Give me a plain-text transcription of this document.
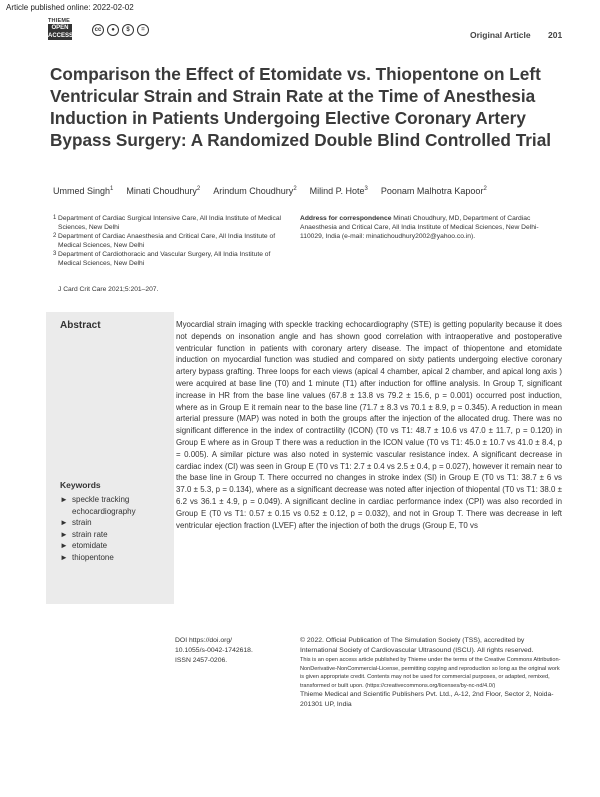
Article published online: 2022-02-02
THIEME
OPEN
ACCESS
cc	●	$	=	Original Article 201
Comparison the Effect of Etomidate vs. Thiopentone on Left Ventricular Strain and Strain Rate at the Time of Anesthesia Induction in Patients Undergoing Elective Coronary Artery Bypass Surgery: A Randomized Double Blind Controlled Trial
Ummed Singh$^1$ Minati Choudhury$^2$ Arindum Choudhury$^2$ Milind P. Hote$^3$ Poonam Malhotra Kapoor$^2$
1 Department of Cardiac Surgical Intensive Care, All India Institute of Medical Sciences, New Delhi
2 Department of Cardiac Anaesthesia and Critical Care, All India Institute of Medical Sciences, New Delhi
3 Department of Cardiothoracic and Vascular Surgery, All India Institute of Medical Sciences, New Delhi
Address for correspondence Minati Choudhury, MD, Department of Cardiac Anaesthesia and Critical Care, All India Institute of Medical Sciences, New Delhi-110029, India (e-mail: minatichoudhury2002@yahoo.co.in).
J Card Crit Care 2021;5:201–207.
Abstract	Myocardial strain imaging with speckle tracking echocardiography (STE) is getting popularity because it does not depends on insonation angle and has shown good correlation with intraoperative and postoperative ventricular function in patients with coronary artery disease. The impact of thiopentone and etomidate induction on myocardial function was studied and compared on sixty patients undergoing elective coronary artery bypass grafting. Three loops for each views (apical 4 chamber, apical 2 chamber, and apical long axis ) were acquired at base line (T0) and 1 minute (T1) after induction for offline analysis. In Group T, significant increase in HR from the base line values (67.8 ± 13.8 vs 79.2 ± 15.6, p = 0.001) occurred post induction, where as in Group E it remain near to the base line (71.7 ± 8.3 vs 70.1 ± 8.9, p = 0.345). A reduction in mean arterial pressure (MAP) was noted in both the groups after the injection of the allocated drug. There was no significant difference in the index of contractility (ICON) (T0 vs T1: 48.7 ± 10.6 vs 47.0 ± 11.7, p = 0.120) in Group E where as in Group T there was a reduction in the ICON value (T0 vs T1: 45.0 ± 10.7 vs 41.0 ± 8.4, p = 0.005). A similar picture was also noted in systemic vascular resistance index. A significant decrease in cardiac index (CI) was seen in Group E (T0 vs T1: 2.7 ± 0.4 vs 2.5 ± 0.4, p = 0.027), however it remain near to the base line in Group T. There occurred no changes in stroke index (SI) in Group E (T0 vs T1: 38.7 ± 6 vs 37.0 ± 5.3, p = 0.134), where as a significant decrease was noted after injection of thiopental (T0 vs T1: 38.0 ± 6.2 vs 36.1 ± 4.9, p = 0.049). A significant decline in cardiac performance index (CPI) was also recorded in Group E (T0 vs T1: 0.57 ± 0.15 vs 0.52 ± 0.12, p = 0.032), and not in Group T. There was decrease in left ventricular ejection fraction (LVEF) after the injection of both the drugs (Group E, T0 vs

Keywords
► speckle tracking echocardiography
► strain
► strain rate
► etomidate
► thiopentone
DOI https://doi.org/
10.1055/s-0042-1742618.
ISSN 2457-0206.
© 2022. Official Publication of The Simulation Society (TSS), accredited by International Society of Cardiovascular Ultrasound (ISCU). All rights reserved.
This is an open access article published by Thieme under the terms of the Creative Commons Attribution-NonDerivative-NonCommercial-License, permitting copying and reproduction so long as the original work is given appropriate credit. Contents may not be used for commercial purposes, or adapted, remixed, transformed or built upon. (https://creativecommons.org/licenses/by-nc-nd/4.0/)
Thieme Medical and Scientific Publishers Pvt. Ltd., A-12, 2nd Floor, Sector 2, Noida-201301 UP, India
